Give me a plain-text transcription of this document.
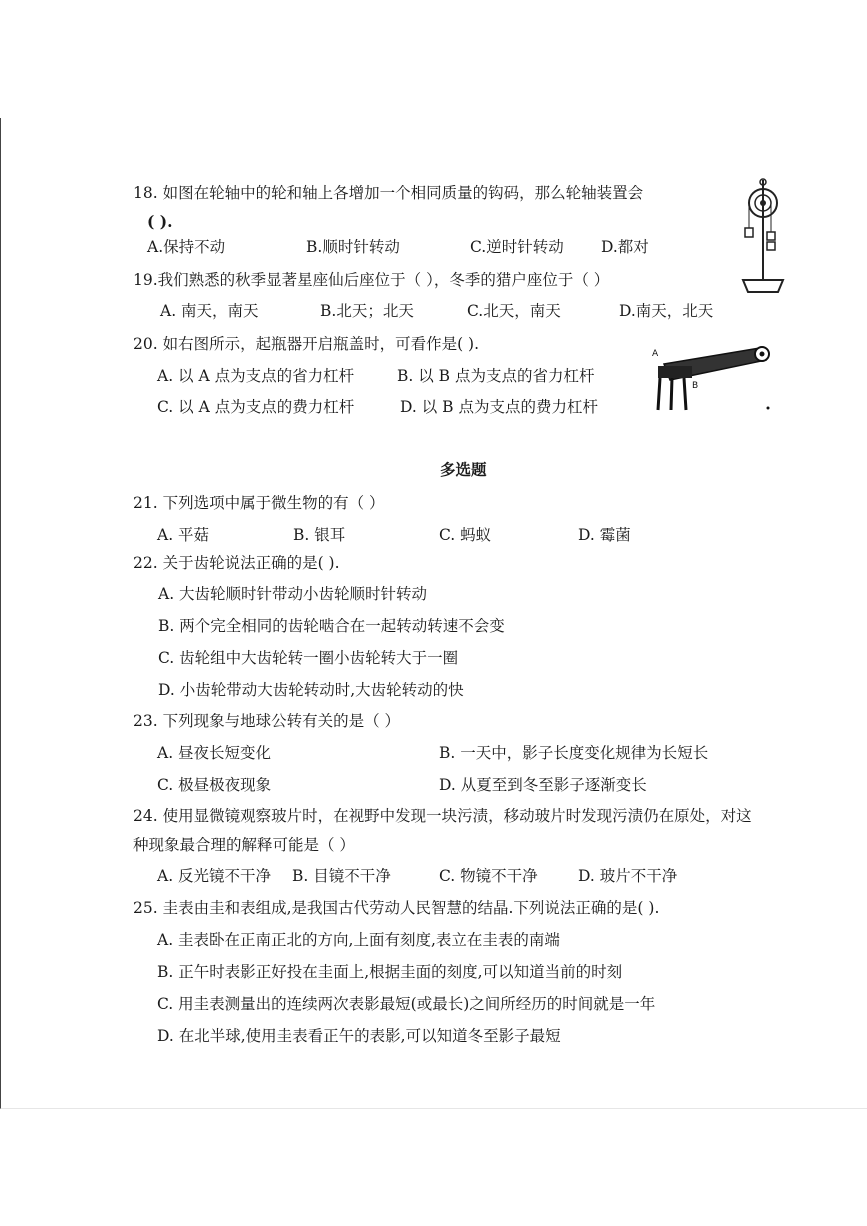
18. 如图在轮轴中的轮和轴上各增加一个相同质量的钩码，那么轮轴装置会
( ).
A.保持不动	B.顺时针转动	C.逆时针转动 D.都对
19.我们熟悉的秋季显著星座仙后座位于（ ），冬季的猎户座位于（ ）
A. 南天，南天	B.北天；北天	C.北天，南天	D.南天，北天
20. 如右图所示，起瓶器开启瓶盖时，可看作是( ).
A. 以 A 点为支点的省力杠杆	B. 以 B 点为支点的省力杠杆
C. 以 A 点为支点的费力杠杆	D. 以 B 点为支点的费力杠杆
A
B
多选题
21. 下列选项中属于微生物的有（ ）
A. 平菇	B. 银耳	C. 蚂蚁	D. 霉菌
22. 关于齿轮说法正确的是( ).
A. 大齿轮顺时针带动小齿轮顺时针转动
B. 两个完全相同的齿轮啮合在一起转动转速不会变
C. 齿轮组中大齿轮转一圈小齿轮转大于一圈
D. 小齿轮带动大齿轮转动时,大齿轮转动的快
23. 下列现象与地球公转有关的是（ ）
A. 昼夜长短变化	B. 一天中，影子长度变化规律为长短长
C. 极昼极夜现象	D. 从夏至到冬至影子逐渐变长
24. 使用显微镜观察玻片时，在视野中发现一块污渍，移动玻片时发现污渍仍在原处，对这
种现象最合理的解释可能是（ ）
A. 反光镜不干净 B. 目镜不干净	C. 物镜不干净	D. 玻片不干净
25. 圭表由圭和表组成,是我国古代劳动人民智慧的结晶.下列说法正确的是( ).
A. 圭表卧在正南正北的方向,上面有刻度,表立在圭表的南端
B. 正午时表影正好投在圭面上,根据圭面的刻度,可以知道当前的时刻
C. 用圭表测量出的连续两次表影最短(或最长)之间所经历的时间就是一年
D. 在北半球,使用圭表看正午的表影,可以知道冬至影子最短
